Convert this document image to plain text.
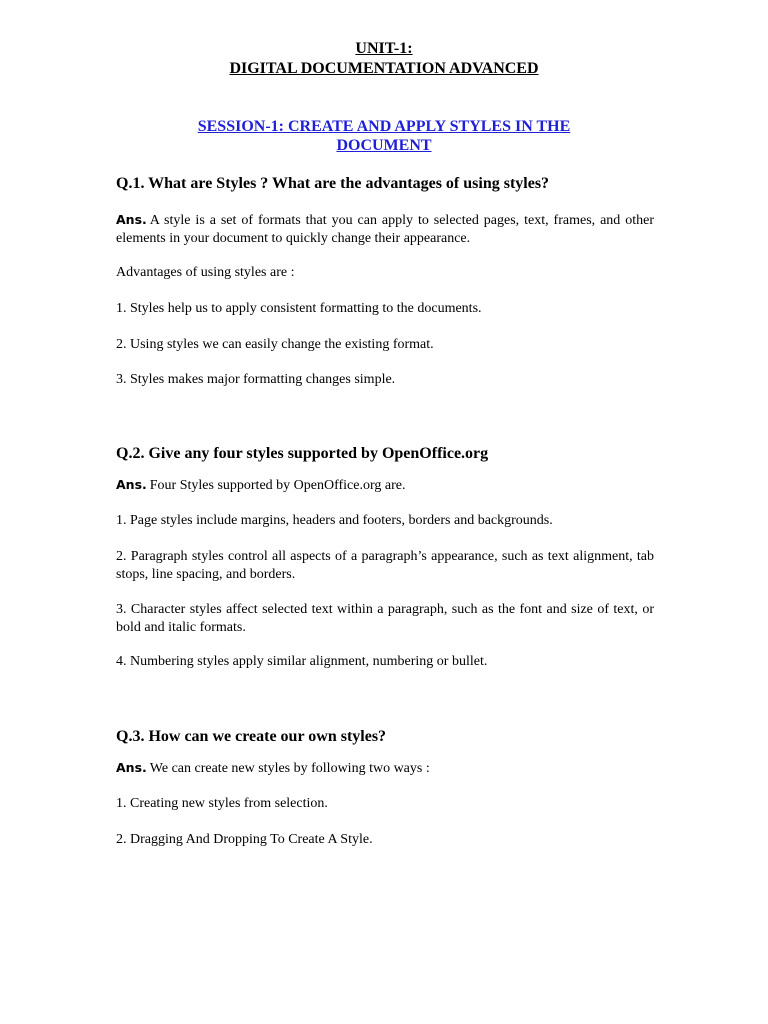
UNIT-1:
DIGITAL DOCUMENTATION ADVANCED
SESSION-1: CREATE AND APPLY STYLES IN THE
DOCUMENT
Q.1. What are Styles ? What are the advantages of using styles?
Ans. A style is a set of formats that you can apply to selected pages, text, frames, and other elements in your document to quickly change their appearance.
Advantages of using styles are :
1. Styles help us to apply consistent formatting to the documents.
2. Using styles we can easily change the existing format.
3. Styles makes major formatting changes simple.
Q.2. Give any four styles supported by OpenOffice.org
Ans. Four Styles supported by OpenOffice.org are.
1. Page styles include margins, headers and footers, borders and backgrounds.
2. Paragraph styles control all aspects of a paragraph’s appearance, such as text alignment, tab stops, line spacing, and borders.
3. Character styles affect selected text within a paragraph, such as the font and size of text, or bold and italic formats.
4. Numbering styles apply similar alignment, numbering or bullet.
Q.3. How can we create our own styles?
Ans. We can create new styles by following two ways :
1. Creating new styles from selection.
2. Dragging And Dropping To Create A Style.
